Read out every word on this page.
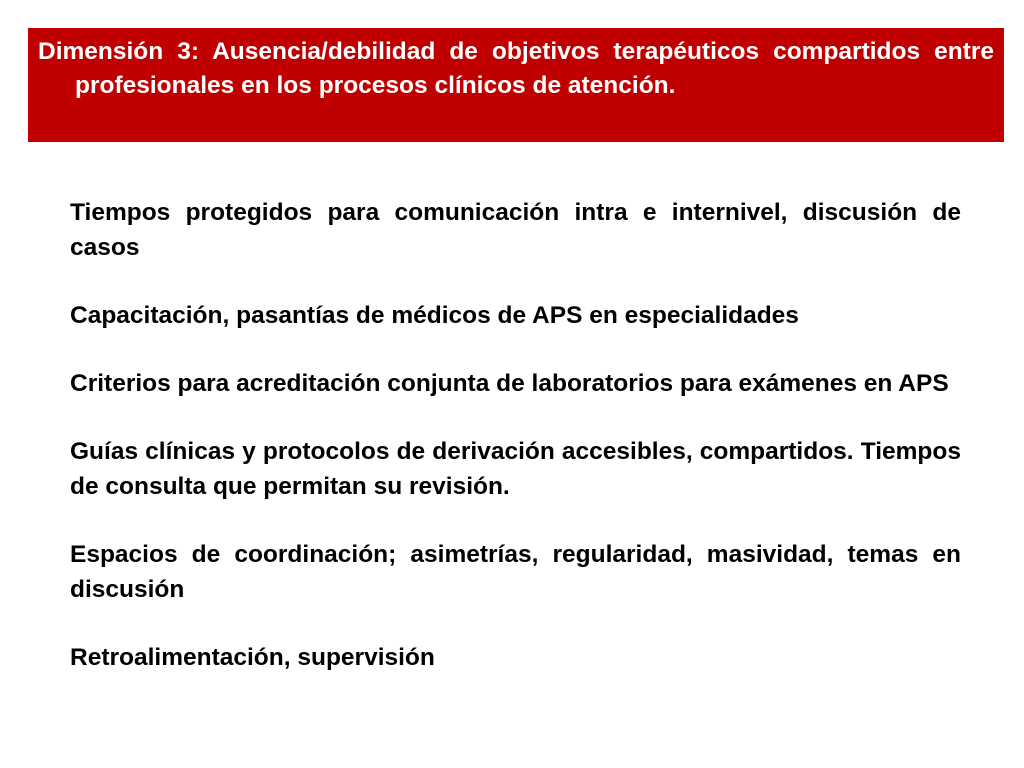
Dimensión 3: Ausencia/debilidad de objetivos terapéuticos compartidos entre profesionales en los procesos clínicos de atención.

Tiempos protegidos para comunicación intra e internivel, discusión de casos
Capacitación, pasantías de médicos de APS en especialidades
Criterios para acreditación conjunta de laboratorios para exámenes en APS
Guías clínicas y protocolos de derivación accesibles, compartidos. Tiempos de consulta que permitan su revisión.
Espacios de coordinación; asimetrías, regularidad, masividad, temas en discusión
Retroalimentación, supervisión
